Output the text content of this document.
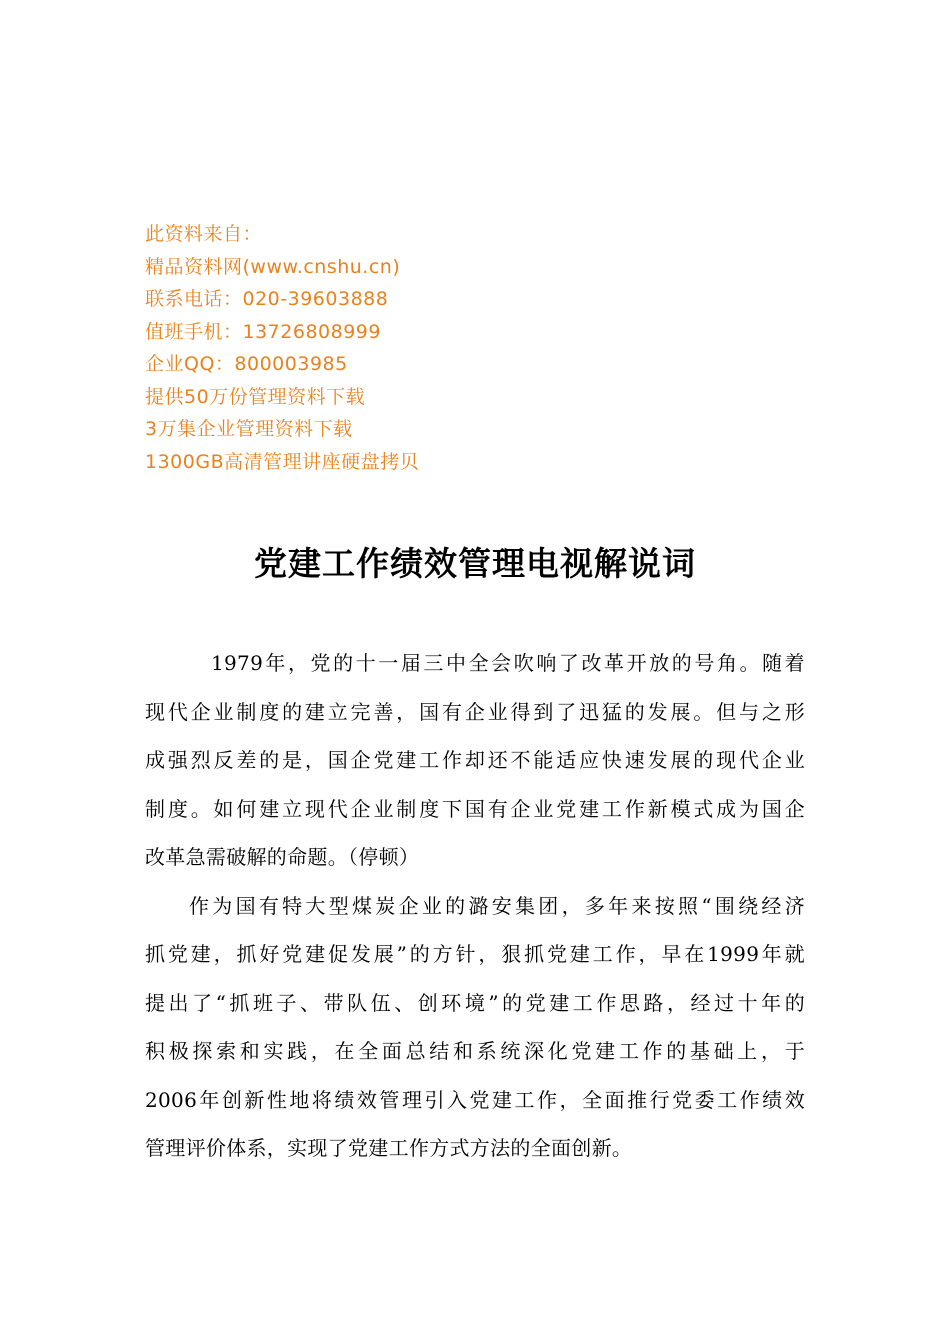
此资料来自：
精品资料网(www.cnshu.cn)
联系电话：020-39603888
值班手机：13726808999
企业QQ：800003985
提供50万份管理资料下载
3万集企业管理资料下载
1300GB高清管理讲座硬盘拷贝
党建工作绩效管理电视解说词
1979年，党的十一届三中全会吹响了改革开放的号角。随着
现代企业制度的建立完善，国有企业得到了迅猛的发展。但与之形
成强烈反差的是，国企党建工作却还不能适应快速发展的现代企业
制度。如何建立现代企业制度下国有企业党建工作新模式成为国企
改革急需破解的命题。（停顿）
作为国有特大型煤炭企业的潞安集团，多年来按照“围绕经济
抓党建，抓好党建促发展”的方针，狠抓党建工作，早在1999年就
提出了“抓班子、带队伍、创环境”的党建工作思路，经过十年的
积极探索和实践，在全面总结和系统深化党建工作的基础上，于
2006年创新性地将绩效管理引入党建工作，全面推行党委工作绩效
管理评价体系，实现了党建工作方式方法的全面创新。
